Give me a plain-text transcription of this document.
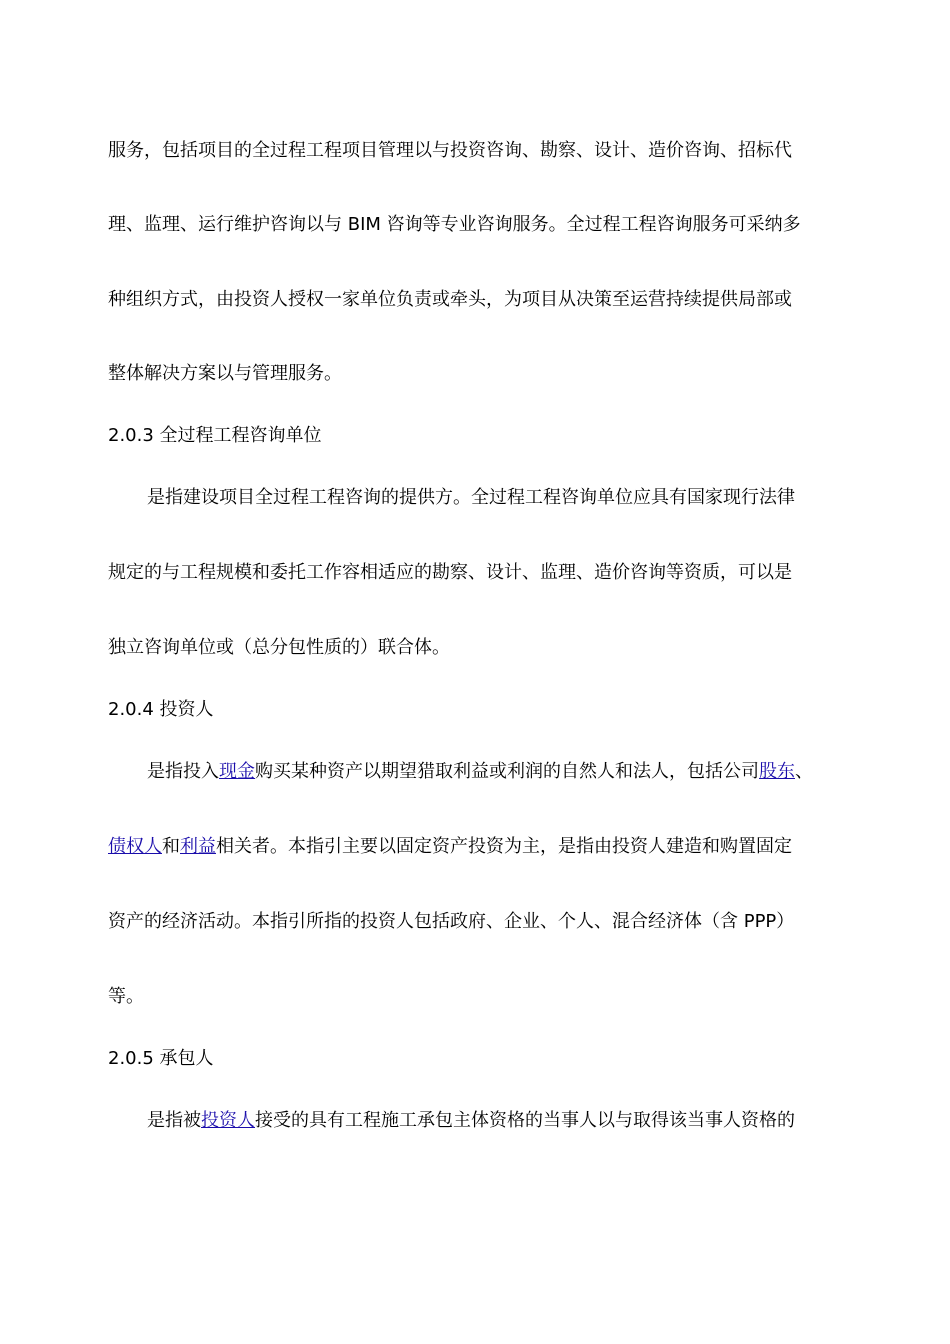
服务，包括项目的全过程工程项目管理以与投资咨询、勘察、设计、造价咨询、招标代
理、监理、运行维护咨询以与 BIM 咨询等专业咨询服务。全过程工程咨询服务可采纳多
种组织方式，由投资人授权一家单位负责或牵头，为项目从决策至运营持续提供局部或
整体解决方案以与管理服务。
2.0.3 全过程工程咨询单位
是指建设项目全过程工程咨询的提供方。全过程工程咨询单位应具有国家现行法律
规定的与工程规模和委托工作容相适应的勘察、设计、监理、造价咨询等资质，可以是
独立咨询单位或（总分包性质的）联合体。
2.0.4 投资人
是指投入现金购买某种资产以期望猎取利益或利润的自然人和法人，包括公司股东、
债权人和利益相关者。本指引主要以固定资产投资为主，是指由投资人建造和购置固定
资产的经济活动。本指引所指的投资人包括政府、企业、个人、混合经济体（含 PPP）
等。
2.0.5 承包人
是指被投资人接受的具有工程施工承包主体资格的当事人以与取得该当事人资格的
